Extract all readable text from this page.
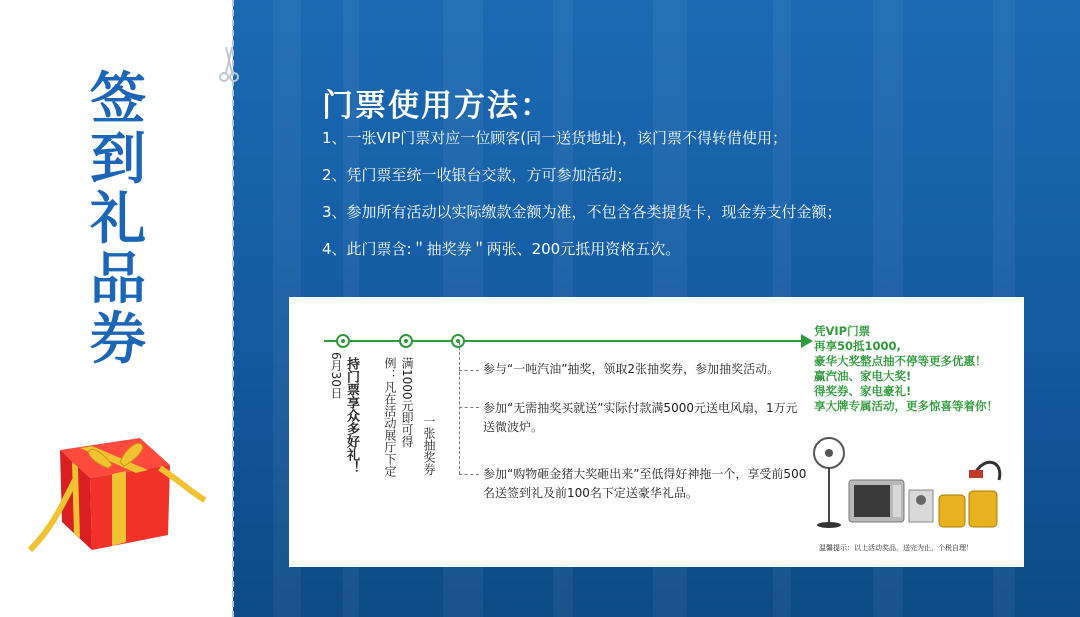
签
到
礼
品
券
门票使用方法：
1、一张VIP门票对应一位顾客(同一送货地址)，该门票不得转借使用；
2、凭门票至统一收银台交款，方可参加活动；
3、参加所有活动以实际缴款金额为准，不包含各类提货卡，现金券支付金额；
4、此门票含:＂抽奖券＂两张、200元抵用资格五次。
6月30日 持门票享众多好礼！ 例：凡在活动展厅下定 满1000元即可得 一张抽奖券
参与“一吨汽油”抽奖，领取2张抽奖券，参加抽奖活动。
参加“无需抽奖买就送”实际付款满5000元送电风扇，1万元送微波炉。
参加“购物砸金猪大奖砸出来”至低得好神拖一个，享受前500名送签到礼及前100名下定送豪华礼品。
凭VIP门票
再享50抵1000,
豪华大奖整点抽不停等更多优惠！
赢汽油、家电大奖!
得奖券、家电豪礼!
享大牌专属活动，更多惊喜等着你！
温馨提示：以上活动奖品，送完为止，个税自理！
